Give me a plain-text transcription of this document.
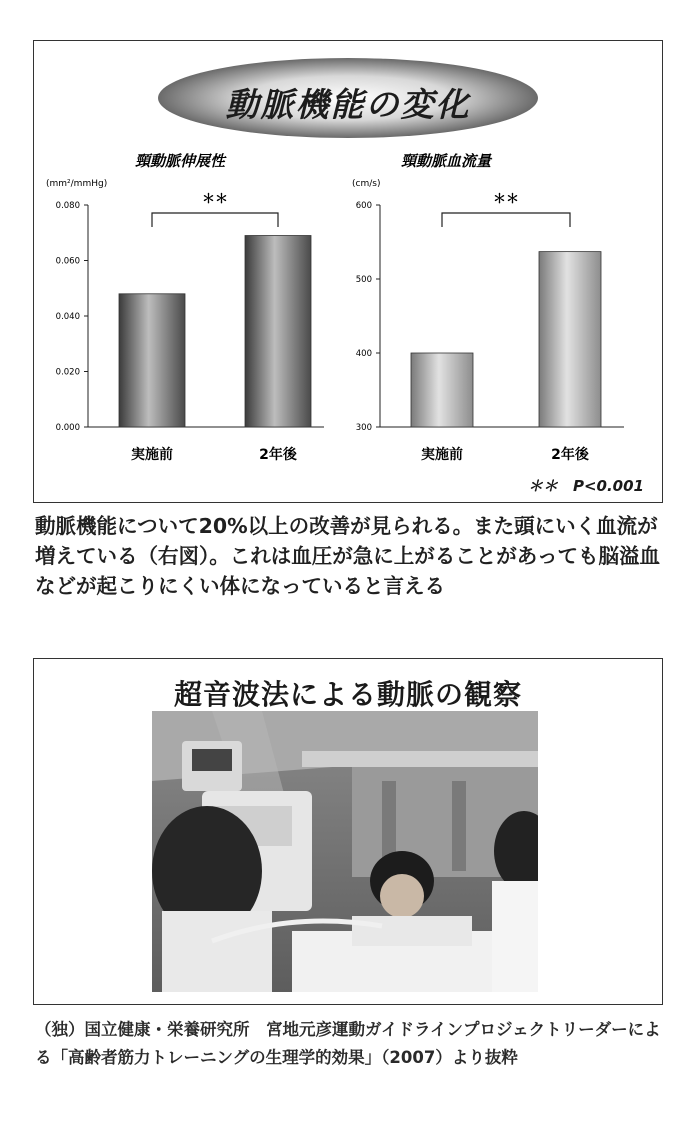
動脈機能の変化
頸動脈伸展性
(mm²/mmHg)
0.000
0.020
0.040
0.060
0.080
実施前	2年後
＊＊
頸動脈血流量
(cm/s)
300
400
500
600
実施前	2年後
＊＊
＊＊　P<0.001
動脈機能について20%以上の改善が見られる。また頭にいく血流が増えている（右図）。これは血圧が急に上がることがあっても脳溢血などが起こりにくい体になっていると言える
超音波法による動脈の観察
（独）国立健康・栄養研究所　宮地元彦運動ガイドラインプロジェクトリーダーによる「高齢者筋力トレーニングの生理学的効果」（2007）より抜粋
